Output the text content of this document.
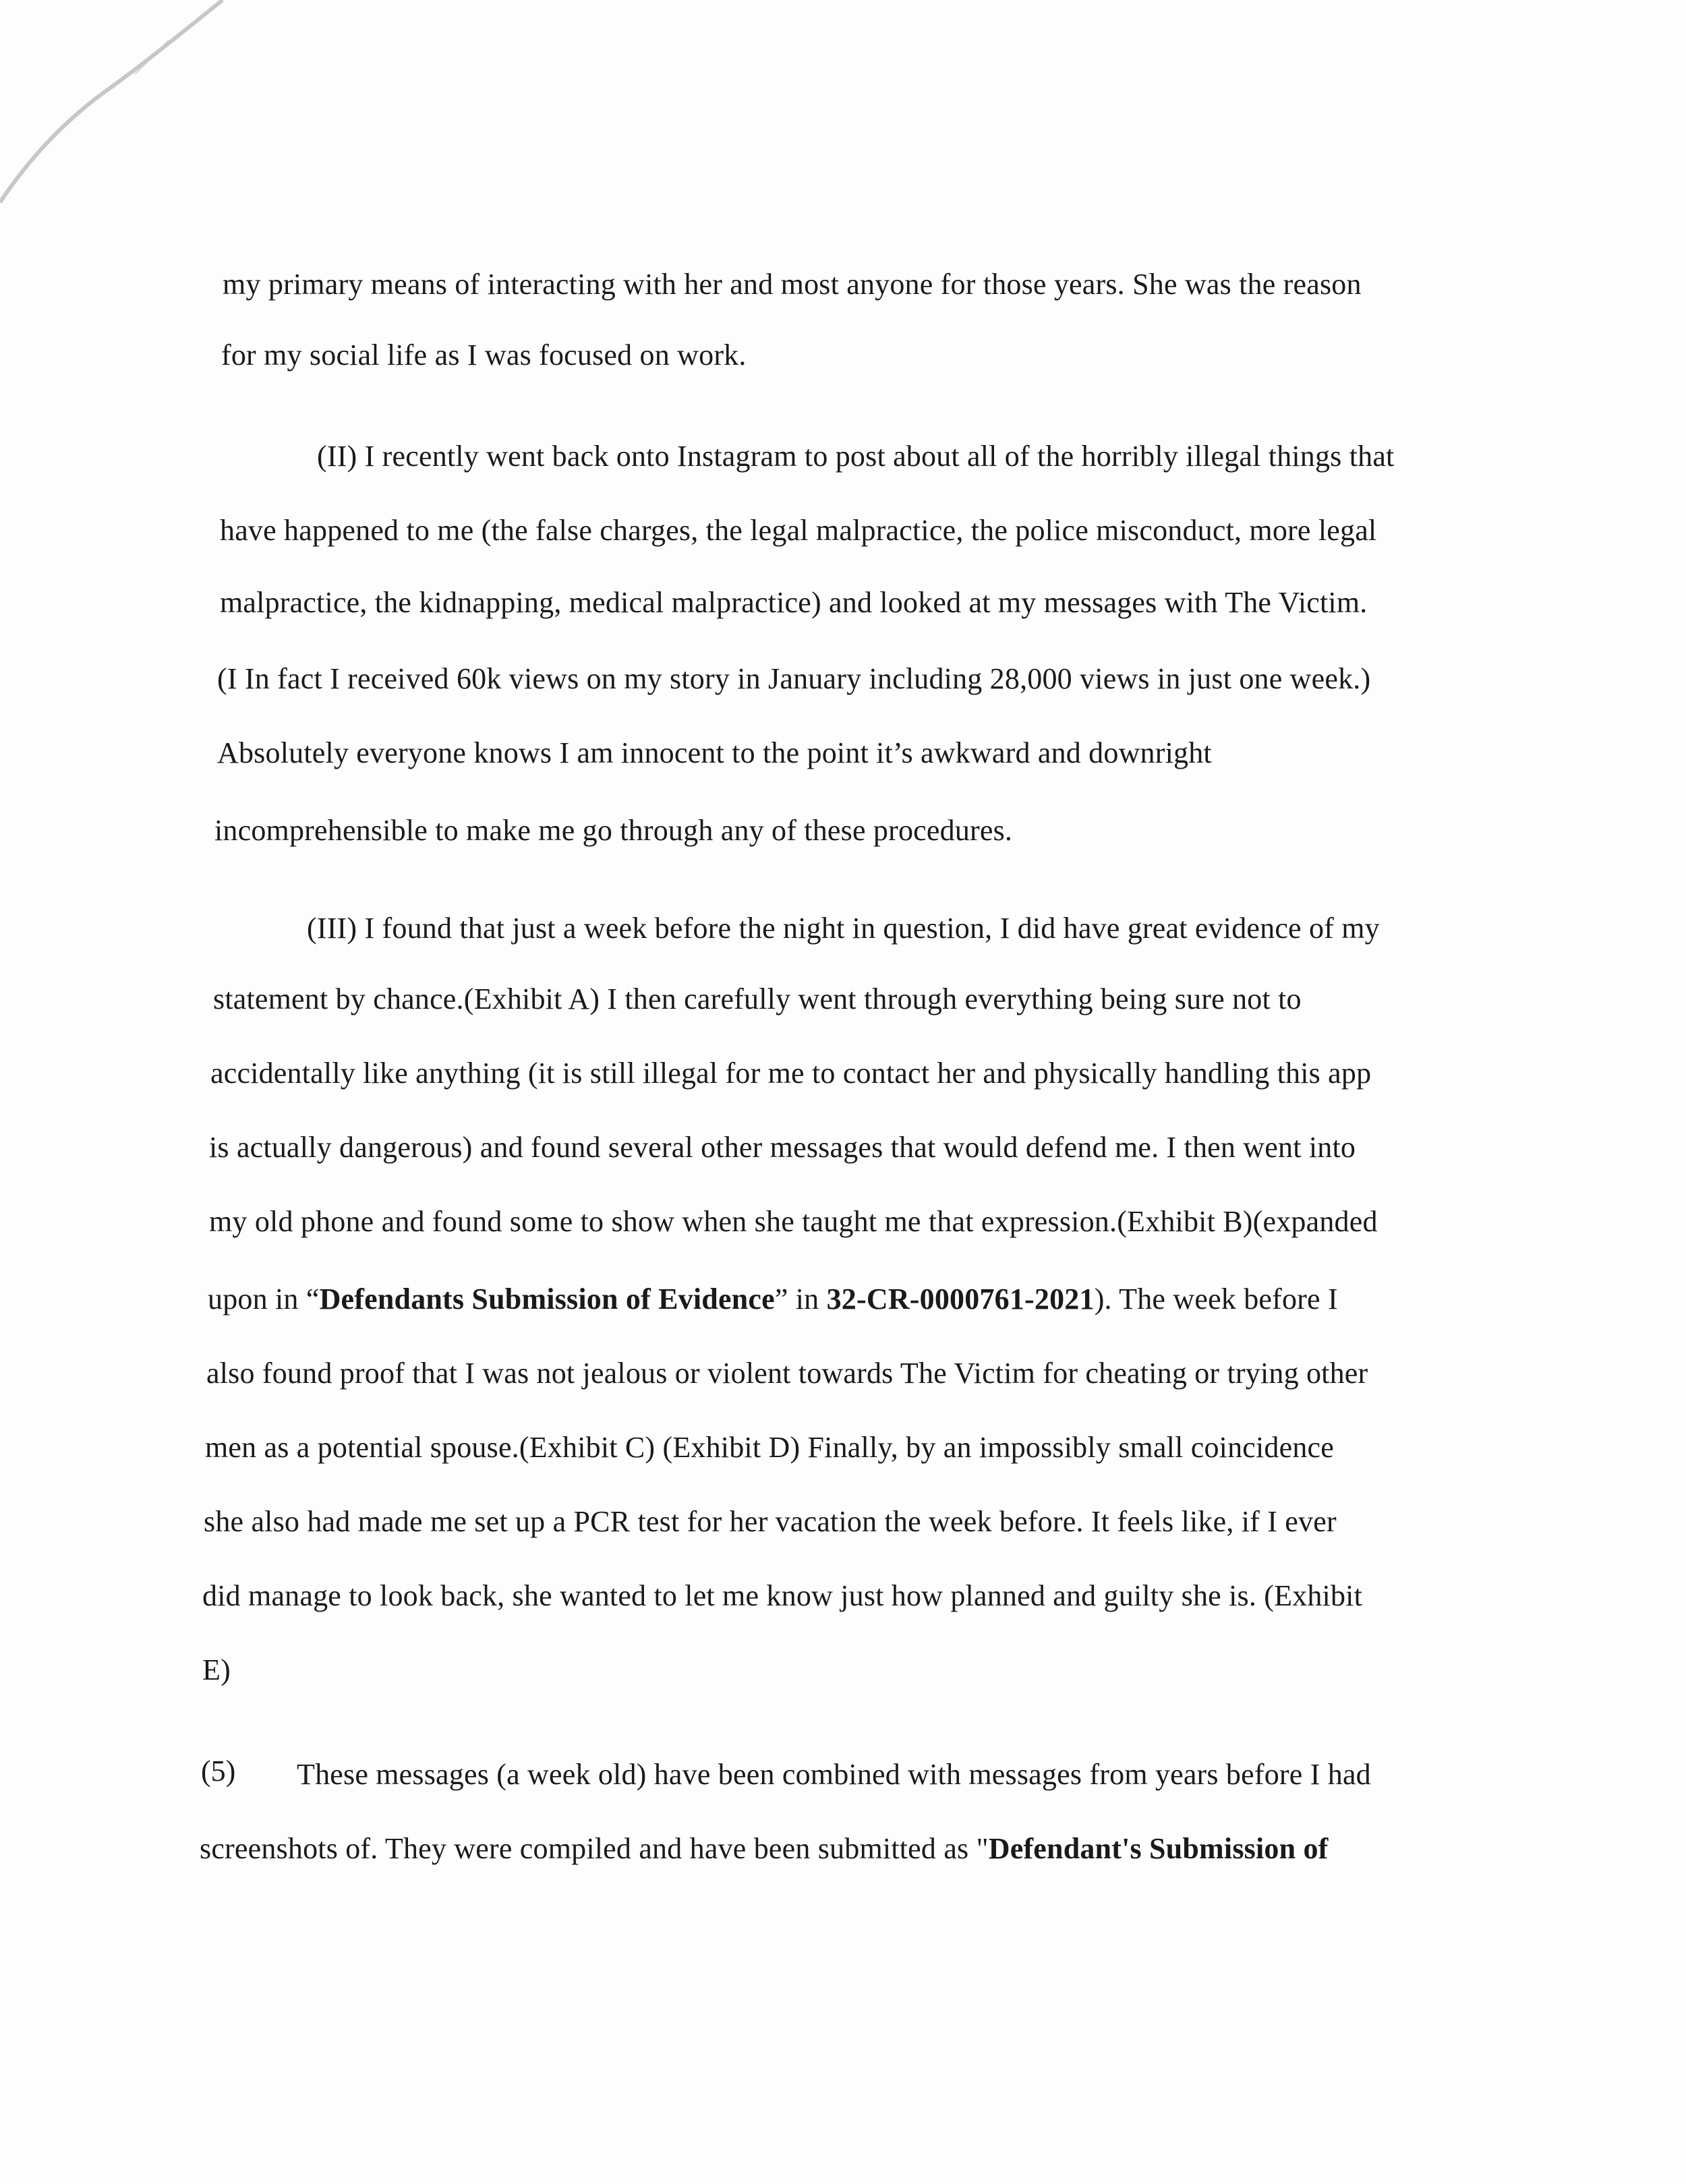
my primary means of interacting with her and most anyone for those years. She was the reason
for my social life as I was focused on work.
(II) I recently went back onto Instagram to post about all of the horribly illegal things that
have happened to me (the false charges, the legal malpractice, the police misconduct, more legal
malpractice, the kidnapping, medical malpractice) and looked at my messages with The Victim.
(I In fact I received 60k views on my story in January including 28,000 views in just one week.)
Absolutely everyone knows I am innocent to the point it’s awkward and downright
incomprehensible to make me go through any of these procedures.
(III) I found that just a week before the night in question, I did have great evidence of my
statement by chance.(Exhibit A) I then carefully went through everything being sure not to
accidentally like anything (it is still illegal for me to contact her and physically handling this app
is actually dangerous) and found several other messages that would defend me. I then went into
my old phone and found some to show when she taught me that expression.(Exhibit B)(expanded
upon in “Defendants Submission of Evidence” in 32-CR-0000761-2021). The week before I
also found proof that I was not jealous or violent towards The Victim for cheating or trying other
men as a potential spouse.(Exhibit C) (Exhibit D) Finally, by an impossibly small coincidence
she also had made me set up a PCR test for her vacation the week before. It feels like, if I ever
did manage to look back, she wanted to let me know just how planned and guilty she is. (Exhibit
E)
(5) These messages (a week old) have been combined with messages from years before I had
screenshots of. They were compiled and have been submitted as "Defendant's Submission of
